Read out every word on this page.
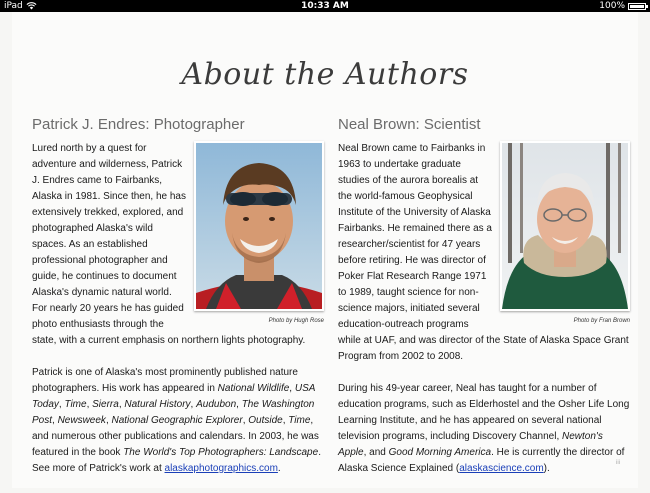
iPad	10:33 AM	100%
About the Authors
Patrick J. Endres: Photographer
Photo by Hugh Rose

Lured north by a quest for adventure and wilderness, Patrick J. Endres came to Fairbanks, Alaska in 1981. Since then, he has extensively trekked, explored, and photographed Alaska's wild spaces. As an established professional photographer and guide, he continues to document Alaska's dynamic natural world. For nearly 20 years he has guided photo enthusiasts through the state, with a current emphasis on northern lights photography.

Patrick is one of Alaska's most prominently published nature photographers. His work has appeared in National Wildlife, USA Today, Time, Sierra, Natural History, Audubon, The Washington Post, Newsweek, National Geographic Explorer, Outside, Time, and numerous other publications and calendars. In 2003, he was featured in the book The World's Top Photographers: Landscape. See more of Patrick's work at alaskaphotographics.com.

Neal Brown: Scientist
Photo by Fran Brown

Neal Brown came to Fairbanks in 1963 to undertake graduate studies of the aurora borealis at the world-famous Geophysical Institute of the University of Alaska Fairbanks. He remained there as a researcher/scientist for 47 years before retiring. He was director of Poker Flat Research Range 1971 to 1989, taught science for non-science majors, initiated several education-outreach programs while at UAF, and was director of the State of Alaska Space Grant Program from 2002 to 2008.

During his 49-year career, Neal has taught for a number of education programs, such as Elderhostel and the Osher Life Long Learning Institute, and he has appeared on several national television programs, including Discovery Channel, Newton's Apple, and Good Morning America. He is currently the director of Alaska Science Explained (alaskascience.com).	iii
